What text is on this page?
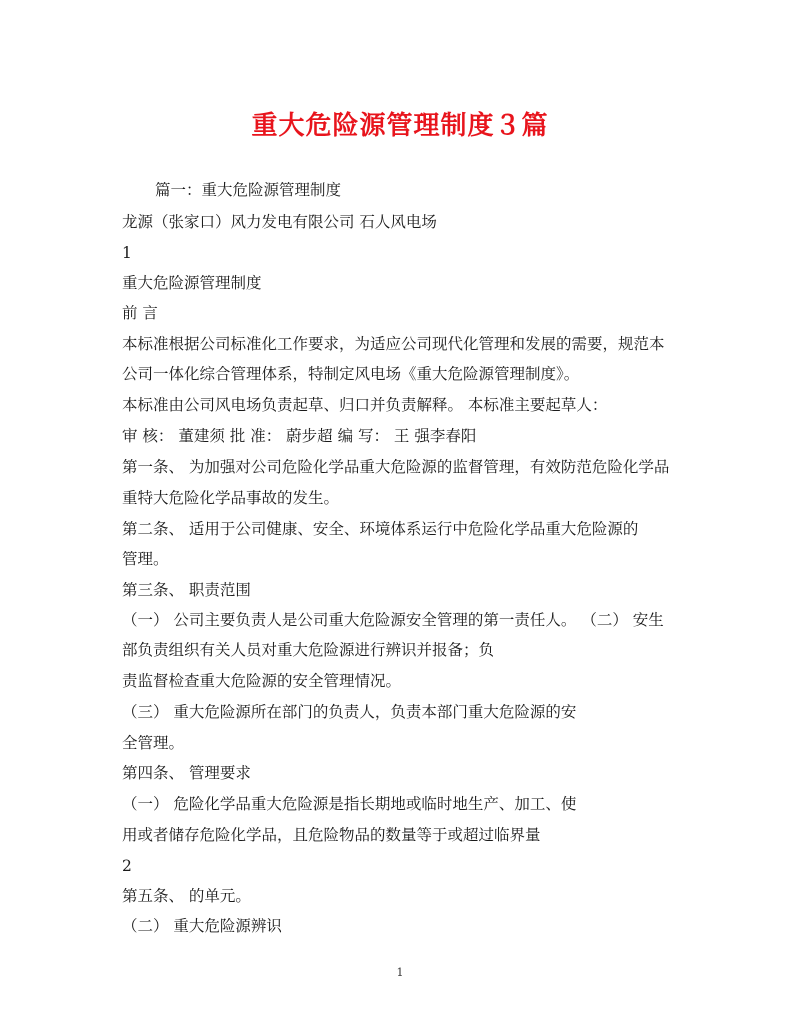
重大危险源管理制度３篇
篇一：重大危险源管理制度
龙源（张家口）风力发电有限公司 石人风电场
1
重大危险源管理制度
前 言
本标准根据公司标准化工作要求，为适应公司现代化管理和发展的需要，规范本
公司一体化综合管理体系，特制定风电场《重大危险源管理制度》。
本标准由公司风电场负责起草、归口并负责解释。 本标准主要起草人：
审 核： 董建须 批 准： 蔚步超 编 写： 王 强李春阳
第一条、 为加强对公司危险化学品重大危险源的监督管理，有效防范危险化学品
重特大危险化学品事故的发生。
第二条、 适用于公司健康、安全、环境体系运行中危险化学品重大危险源的
管理。
第三条、 职责范围
（一） 公司主要负责人是公司重大危险源安全管理的第一责任人。 （二） 安生
部负责组织有关人员对重大危险源进行辨识并报备；负
责监督检查重大危险源的安全管理情况。
（三） 重大危险源所在部门的负责人，负责本部门重大危险源的安
全管理。
第四条、 管理要求
（一） 危险化学品重大危险源是指长期地或临时地生产、加工、使
用或者储存危险化学品，且危险物品的数量等于或超过临界量
2
第五条、 的单元。
（二） 重大危险源辨识
1
